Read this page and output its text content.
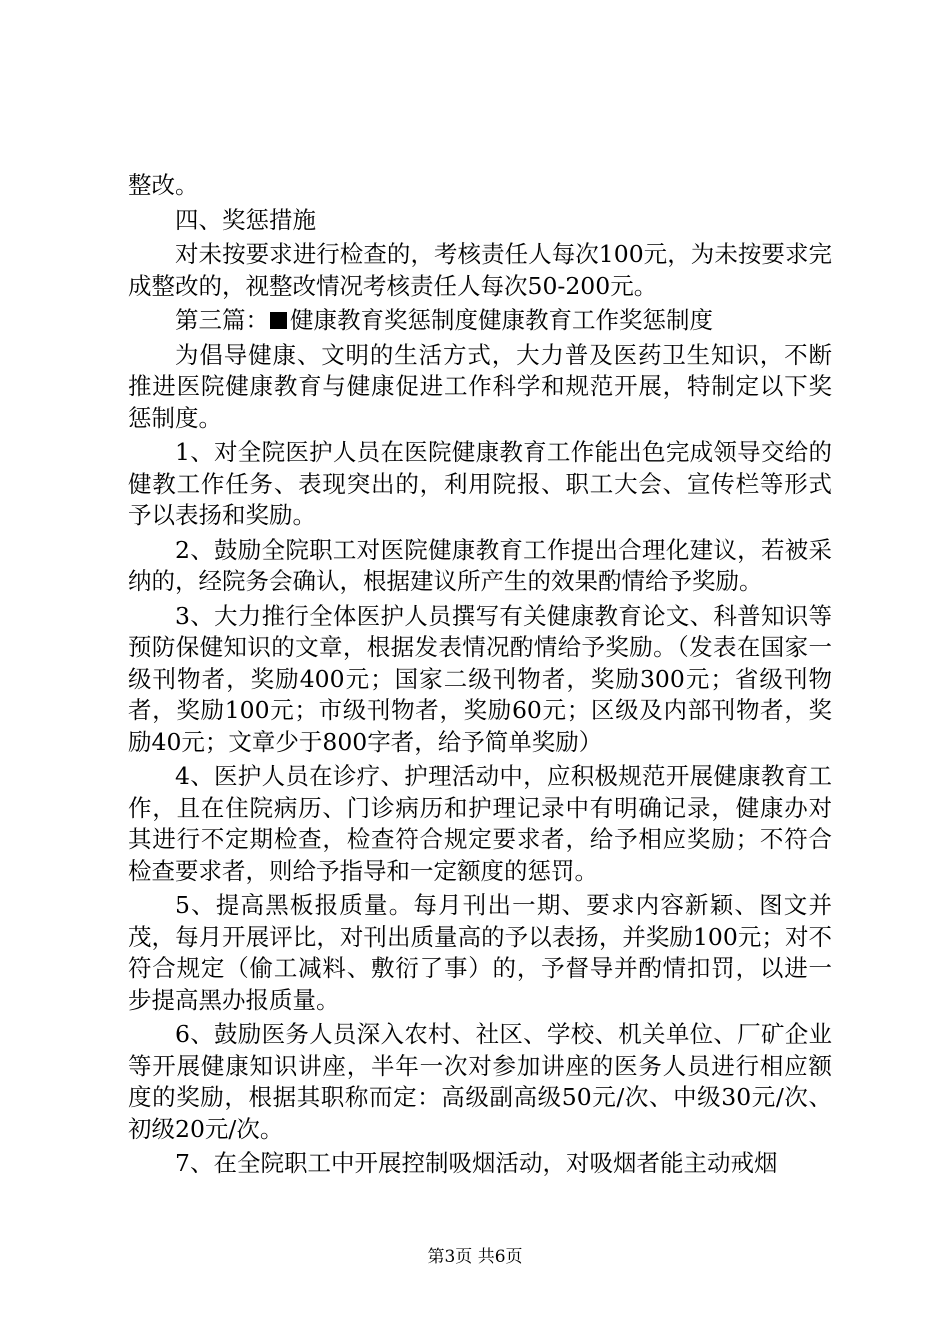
整改。

四、奖惩措施

对未按要求进行检查的，考核责任人每次100元，为未按要求完成整改的，视整改情况考核责任人每次50-200元。

第三篇： 健康教育奖惩制度健康教育工作奖惩制度

为倡导健康、文明的生活方式，大力普及医药卫生知识，不断推进医院健康教育与健康促进工作科学和规范开展，特制定以下奖惩制度。

1、对全院医护人员在医院健康教育工作能出色完成领导交给的健教工作任务、表现突出的，利用院报、职工大会、宣传栏等形式予以表扬和奖励。

2、鼓励全院职工对医院健康教育工作提出合理化建议，若被采纳的，经院务会确认，根据建议所产生的效果酌情给予奖励。

3、大力推行全体医护人员撰写有关健康教育论文、科普知识等预防保健知识的文章，根据发表情况酌情给予奖励。（发表在国家一级刊物者，奖励400元；国家二级刊物者，奖励300元；省级刊物者，奖励100元；市级刊物者，奖励60元；区级及内部刊物者，奖励40元；文章少于800字者，给予简单奖励）

4、医护人员在诊疗、护理活动中，应积极规范开展健康教育工作，且在住院病历、门诊病历和护理记录中有明确记录，健康办对其进行不定期检查，检查符合规定要求者，给予相应奖励；不符合检查要求者，则给予指导和一定额度的惩罚。

5、提高黑板报质量。每月刊出一期、要求内容新颖、图文并茂，每月开展评比，对刊出质量高的予以表扬，并奖励100元；对不符合规定（偷工减料、敷衍了事）的，予督导并酌情扣罚，以进一步提高黑办报质量。

6、鼓励医务人员深入农村、社区、学校、机关单位、厂矿企业等开展健康知识讲座，半年一次对参加讲座的医务人员进行相应额度的奖励，根据其职称而定：高级副高级50元/次、中级30元/次、初级20元/次。

7、在全院职工中开展控制吸烟活动，对吸烟者能主动戒烟

第3页 共6页
